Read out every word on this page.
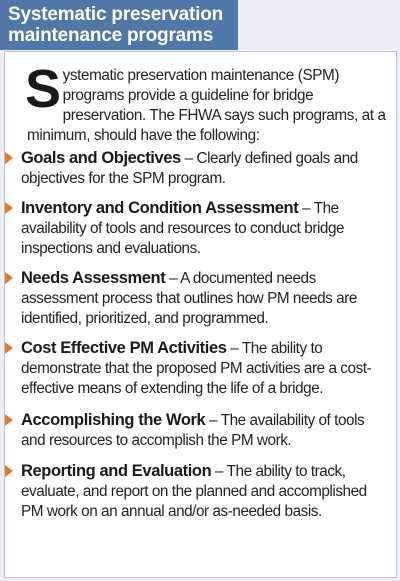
Systematic preservation
maintenance programs
Systematic preservation maintenance (SPM) programs provide a guideline for bridge preservation. The FHWA says such programs, at a minimum, should have the following:
Goals and Objectives – Clearly defined goals and objectives for the SPM program.
Inventory and Condition Assessment – The availability of tools and resources to conduct bridge inspections and evaluations.
Needs Assessment – A documented needs assessment process that outlines how PM needs are identified, prioritized, and programmed.
Cost Effective PM Activities – The ability to demonstrate that the proposed PM activities are a cost-effective means of extending the life of a bridge.
Accomplishing the Work – The availability of tools and resources to accomplish the PM work.
Reporting and Evaluation – The ability to track, evaluate, and report on the planned and accomplished PM work on an annual and/or as-needed basis.
